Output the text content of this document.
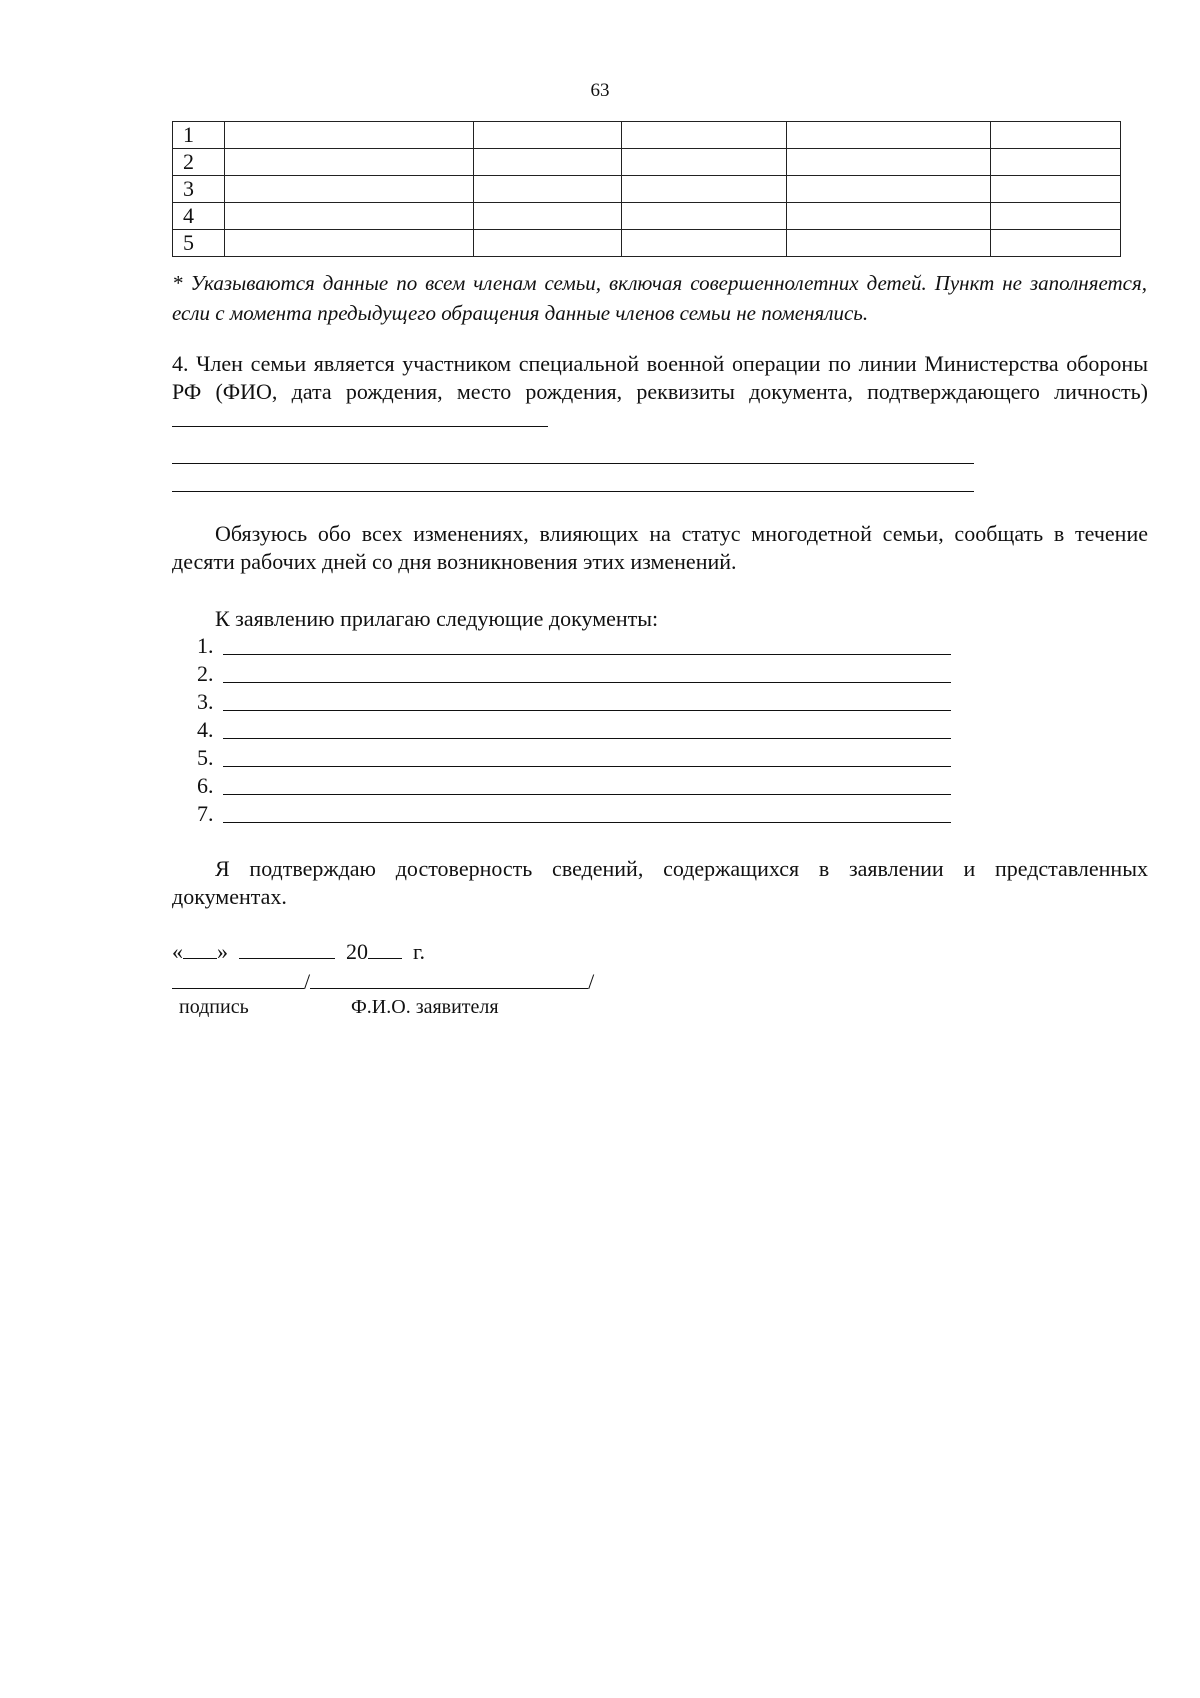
63
1					
2					
3					
4					
5					
* Указываются данные по всем членам семьи, включая совершеннолетних детей. Пункт не заполняется, если с момента предыдущего обращения данные членов семьи не поменялись.
4. Член семьи является участником специальной военной операции по линии Министерства обороны РФ (ФИО, дата рождения, место рождения, реквизиты документа, подтверждающего личность)
Обязуюсь обо всех изменениях, влияющих на статус многодетной семьи, сообщать в течение десяти рабочих дней со дня возникновения этих изменений.
К заявлению прилагаю следующие документы:
1.
2.
3.
4.
5.
6.
7.
Я подтверждаю достоверность сведений, содержащихся в заявлении и представленных документах.
« »	20 г.
/	/
подпись	Ф.И.О. заявителя
